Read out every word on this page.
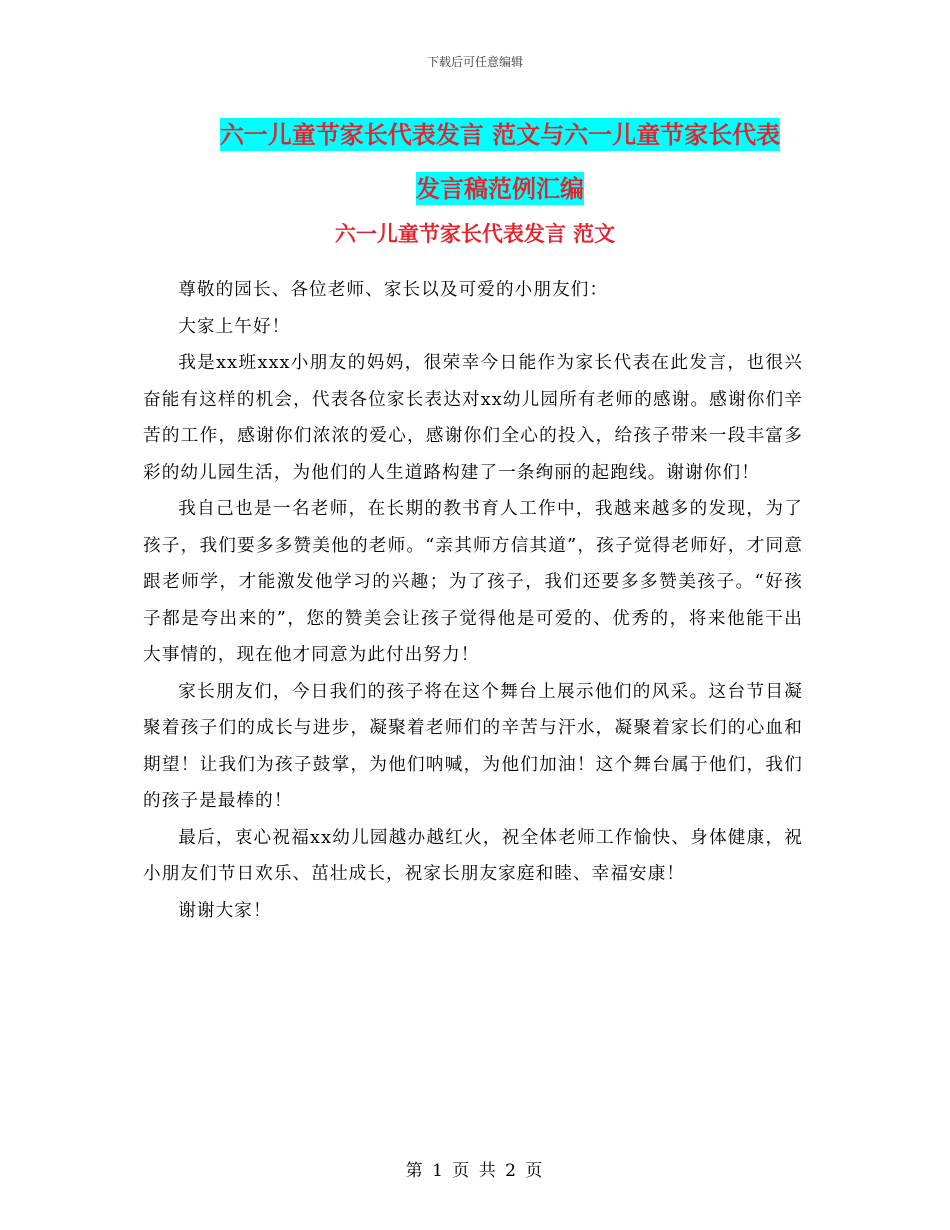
下载后可任意编辑
六一儿童节家长代表发言 范文与六一儿童节家长代表
发言稿范例汇编
六一儿童节家长代表发言 范文

尊敬的园长、各位老师、家长以及可爱的小朋友们：

大家上午好！

我是xx班xxx小朋友的妈妈，很荣幸今日能作为家长代表在此发言，也很兴奋能有这样的机会，代表各位家长表达对xx幼儿园所有老师的感谢。感谢你们辛苦的工作，感谢你们浓浓的爱心，感谢你们全心的投入，给孩子带来一段丰富多彩的幼儿园生活，为他们的人生道路构建了一条绚丽的起跑线。谢谢你们！

我自己也是一名老师，在长期的教书育人工作中，我越来越多的发现，为了孩子，我们要多多赞美他的老师。“亲其师方信其道”，孩子觉得老师好，才同意跟老师学，才能激发他学习的兴趣；为了孩子，我们还要多多赞美孩子。“好孩子都是夸出来的”，您的赞美会让孩子觉得他是可爱的、优秀的，将来他能干出大事情的，现在他才同意为此付出努力！

家长朋友们，今日我们的孩子将在这个舞台上展示他们的风采。这台节目凝聚着孩子们的成长与进步，凝聚着老师们的辛苦与汗水，凝聚着家长们的心血和期望！让我们为孩子鼓掌，为他们呐喊，为他们加油！这个舞台属于他们，我们的孩子是最棒的！

最后，衷心祝福xx幼儿园越办越红火，祝全体老师工作愉快、身体健康，祝小朋友们节日欢乐、茁壮成长，祝家长朋友家庭和睦、幸福安康！

谢谢大家！

第 1 页 共 2 页
